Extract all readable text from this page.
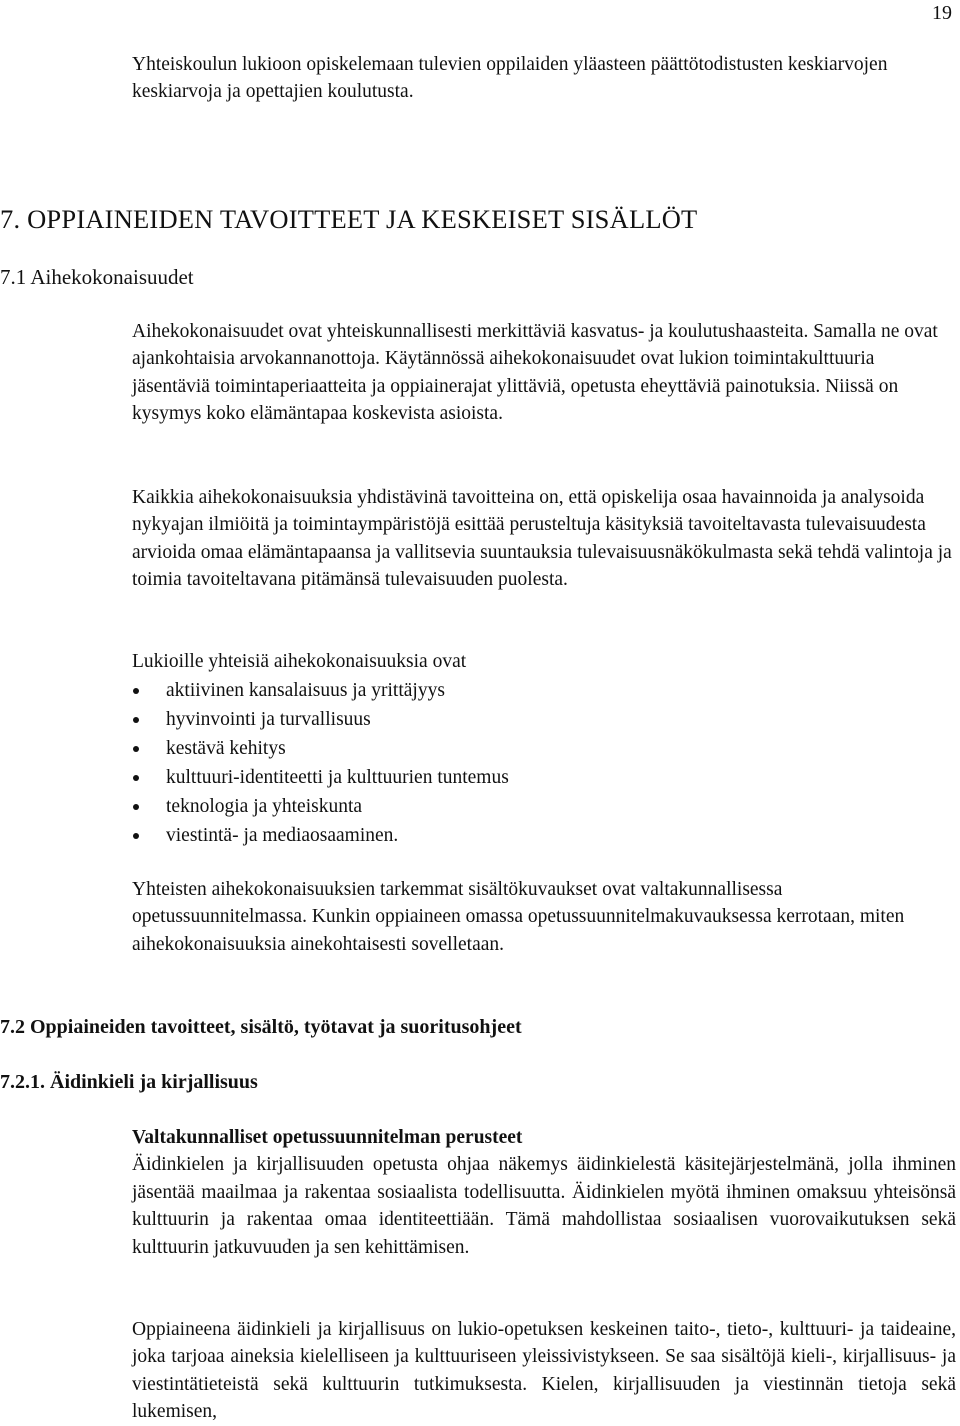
19

Yhteiskoulun lukioon opiskelemaan tulevien oppilaiden yläasteen päättötodistusten keskiarvojen keskiarvoja ja opettajien koulutusta.

7. OPPIAINEIDEN TAVOITTEET JA KESKEISET SISÄLLÖT
7.1 Aihekokonaisuudet

Aihekokonaisuudet ovat yhteiskunnallisesti merkittäviä kasvatus- ja koulutushaasteita. Samalla ne ovat ajankohtaisia arvokannanottoja. Käytännössä aihekokonaisuudet ovat lukion toimintakulttuuria jäsentäviä toimintaperiaatteita ja oppiainerajat ylittäviä, opetusta eheyttäviä painotuksia. Niissä on kysymys koko elämäntapaa koskevista asioista.

Kaikkia aihekokonaisuuksia yhdistävinä tavoitteina on, että opiskelija osaa havainnoida ja analysoida nykyajan ilmiöitä ja toimintaympäristöjä esittää perusteltuja käsityksiä tavoiteltavasta tulevaisuudesta arvioida omaa elämäntapaansa ja vallitsevia suuntauksia tulevaisuusnäkökulmasta sekä tehdä valintoja ja toimia tavoiteltavana pitämänsä tulevaisuuden puolesta.

Lukioille yhteisiä aihekokonaisuuksia ovat
aktiivinen kansalaisuus ja yrittäjyys
hyvinvointi ja turvallisuus
kestävä kehitys
kulttuuri-identiteetti ja kulttuurien tuntemus
teknologia ja yhteiskunta
viestintä- ja mediaosaaminen.

Yhteisten aihekokonaisuuksien tarkemmat sisältökuvaukset ovat valtakunnallisessa opetussuunnitelmassa. Kunkin oppiaineen omassa opetussuunnitelmakuvauksessa kerrotaan, miten aihekokonaisuuksia ainekohtaisesti sovelletaan.

7.2 Oppiaineiden tavoitteet, sisältö, työtavat ja suoritusohjeet
7.2.1. Äidinkieli ja kirjallisuus
Valtakunnalliset opetussuunnitelman perusteet

Äidinkielen ja kirjallisuuden opetusta ohjaa näkemys äidinkielestä käsitejärjestelmänä, jolla ihminen jäsentää maailmaa ja rakentaa sosiaalista todellisuutta. Äidinkielen myötä ihminen omaksuu yhteisönsä kulttuurin ja rakentaa omaa identiteettiään. Tämä mahdollistaa sosiaalisen vuorovaikutuksen sekä kulttuurin jatkuvuuden ja sen kehittämisen.

Oppiaineena äidinkieli ja kirjallisuus on lukio-opetuksen keskeinen taito-, tieto-, kulttuuri- ja taideaine, joka tarjoaa aineksia kielelliseen ja kulttuuriseen yleissivistykseen. Se saa sisältöjä kieli-, kirjallisuus- ja viestintätieteistä sekä kulttuurin tutkimuksesta. Kielen, kirjallisuuden ja viestinnän tietoja sekä lukemisen,
